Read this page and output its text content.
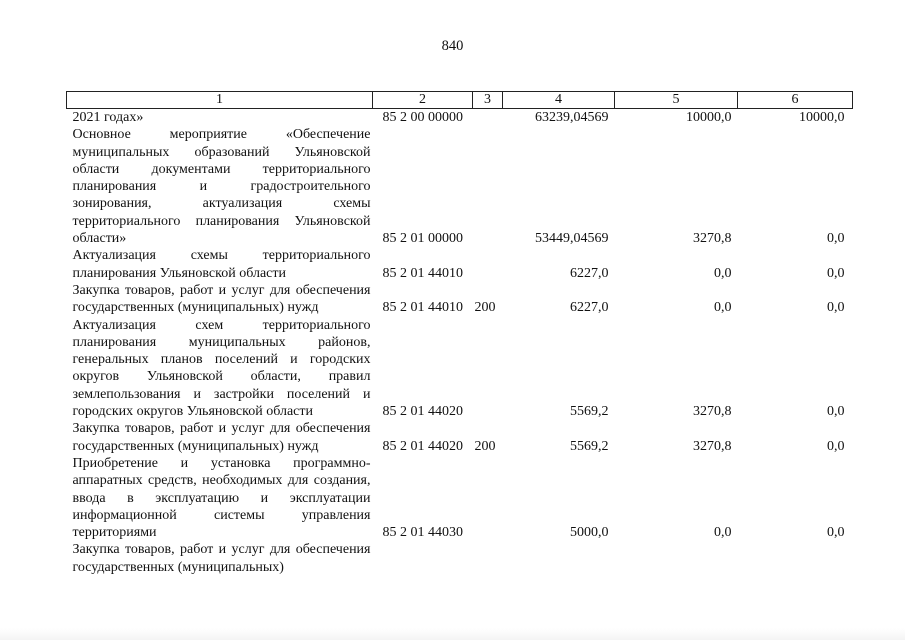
840
1	2	3	4	5	6
2021 годах»	85 2 00 00000		63239,04569	10000,0	10000,0
Основное мероприятие «Обеспечение муниципальных образований Ульяновской области документами территориального планирования и градостроительного зонирования, актуализация схемы территориального планирования Ульяновской области»	85 2 01 00000		53449,04569	3270,8	0,0
Актуализация схемы территориального планирования Ульяновской области	85 2 01 44010		6227,0	0,0	0,0
Закупка товаров, работ и услуг для обеспечения государственных (муниципальных) нужд	85 2 01 44010	200	6227,0	0,0	0,0
Актуализация схем территориального планирования муниципальных районов, генеральных планов поселений и городских округов Ульяновской области, правил землепользования и застройки поселений и городских округов Ульяновской области	85 2 01 44020		5569,2	3270,8	0,0
Закупка товаров, работ и услуг для обеспечения государственных (муниципальных) нужд	85 2 01 44020	200	5569,2	3270,8	0,0
Приобретение и установка программно-аппаратных средств, необходимых для создания, ввода в эксплуатацию и эксплуатации информационной системы управления территориями	85 2 01 44030		5000,0	0,0	0,0
Закупка товаров, работ и услуг для обеспечения государственных (муниципальных)					
